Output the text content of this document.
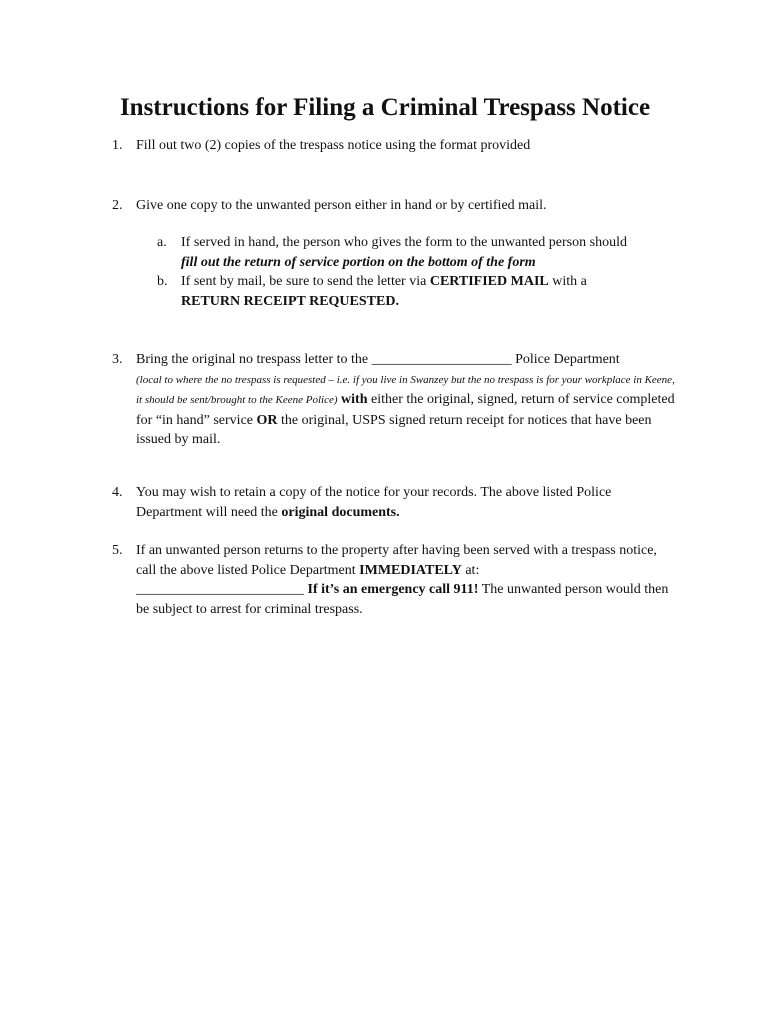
Instructions for Filing a Criminal Trespass Notice
1. Fill out two (2) copies of the trespass notice using the format provided
2. Give one copy to the unwanted person either in hand or by certified mail.
a. If served in hand, the person who gives the form to the unwanted person should
fill out the return of service portion on the bottom of the form
b. If sent by mail, be sure to send the letter via CERTIFIED MAIL with a
RETURN RECEIPT REQUESTED.
3. Bring the original no trespass letter to the ____________________ Police Department
(local to where the no trespass is requested – i.e. if you live in Swanzey but the no trespass is for your workplace in Keene, it should be sent/brought to the Keene Police) with either the original, signed, return of service completed for “in hand” service OR the original, USPS signed return receipt for notices that have been issued by mail.
4. You may wish to retain a copy of the notice for your records. The above listed Police Department will need the original documents.
5. If an unwanted person returns to the property after having been served with a trespass notice, call the above listed Police Department IMMEDIATELY at:
________________________ If it’s an emergency call 911! The unwanted person would then be subject to arrest for criminal trespass.
